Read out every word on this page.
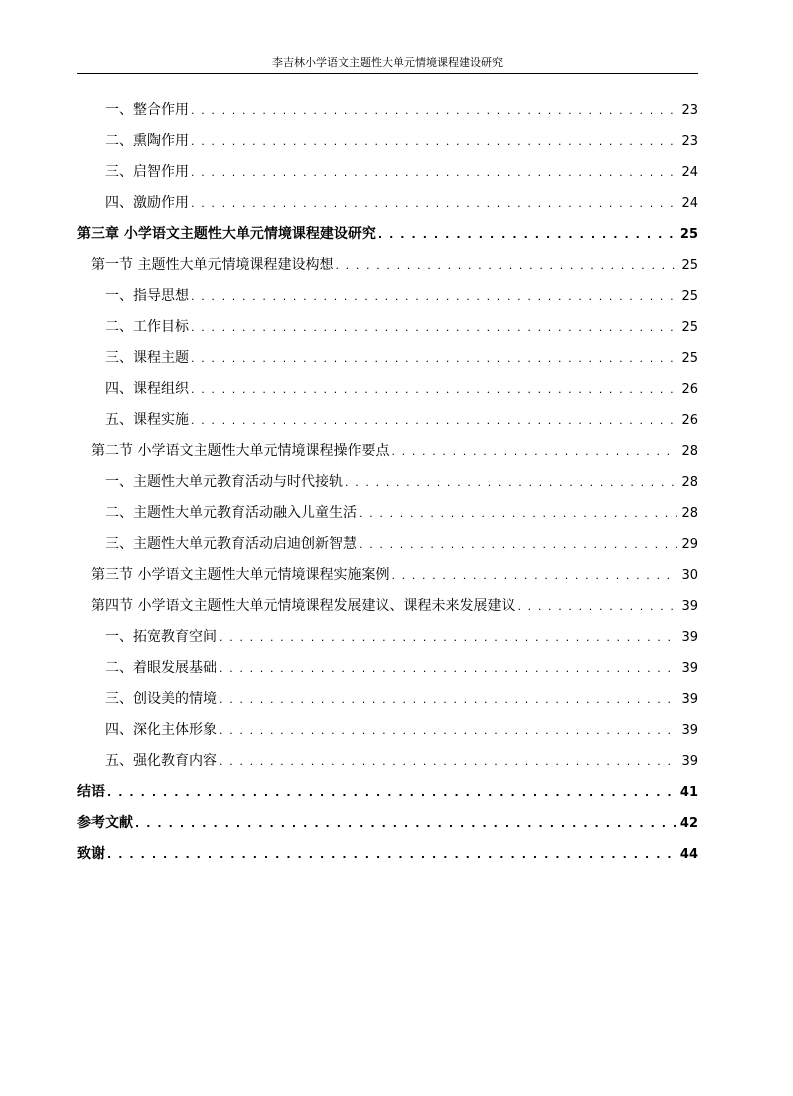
李吉林小学语文主题性大单元情境课程建设研究
一、整合作用 . . .	23
二、熏陶作用 . . .	23
三、启智作用 . . .	24
四、激励作用 . . .	24
第三章 小学语文主题性大单元情境课程建设研究 . . .	25
第一节 主题性大单元情境课程建设构想 . . .	25
一、指导思想 . . .	25
二、工作目标 . . .	25
三、课程主题 . . .	25
四、课程组织 . . .	26
五、课程实施 . . .	26
第二节 小学语文主题性大单元情境课程操作要点 . . .	28
一、主题性大单元教育活动与时代接轨 . . .	28
二、主题性大单元教育活动融入儿童生活 . . .	28
三、主题性大单元教育活动启迪创新智慧 . . .	29
第三节 小学语文主题性大单元情境课程实施案例 . . .	30
第四节 小学语文主题性大单元情境课程发展建议、课程未来发展建议 . . .	39
一、拓宽教育空间 . . .	39
二、着眼发展基础 . . .	39
三、创设美的情境 . . .	39
四、深化主体形象 . . .	39
五、强化教育内容 . . .	39
结语 . . .	41
参考文献 . . .	42
致谢 . . .	44
